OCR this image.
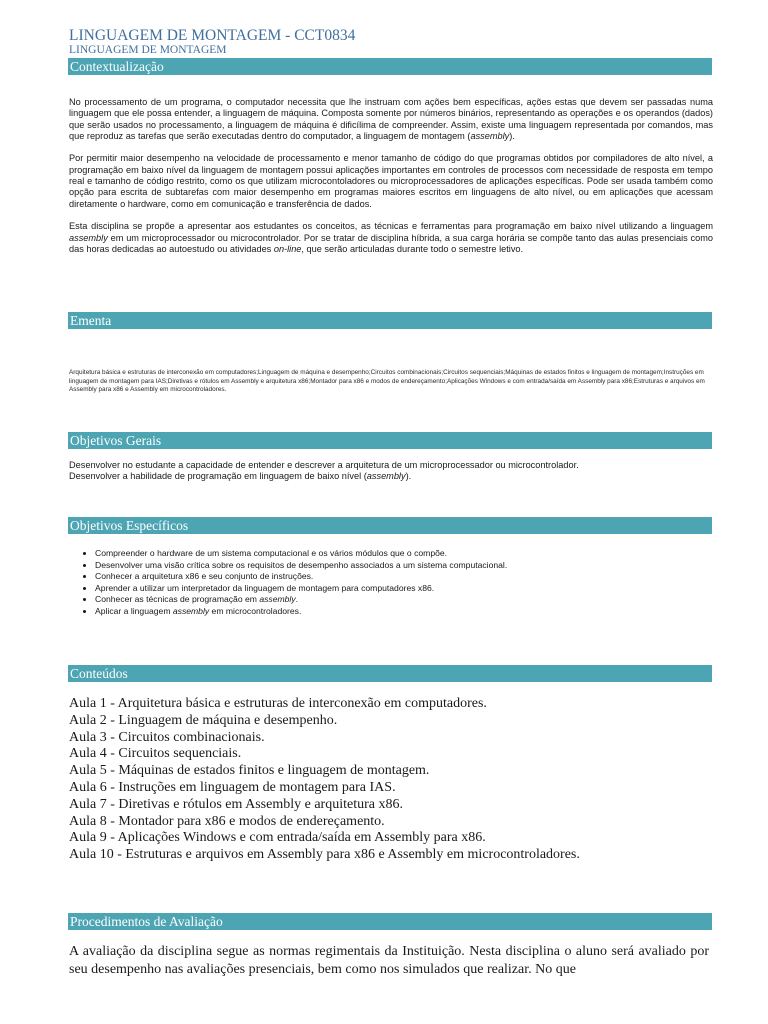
LINGUAGEM DE MONTAGEM - CCT0834
LINGUAGEM DE MONTAGEM
Contextualização

No processamento de um programa, o computador necessita que lhe instruam com ações bem específicas, ações estas que devem ser passadas numa linguagem que ele possa entender, a linguagem de máquina. Composta somente por números binários, representando as operações e os operandos (dados) que serão usados no processamento, a linguagem de máquina é dificílima de compreender. Assim, existe uma linguagem representada por comandos, mas que reproduz as tarefas que serão executadas dentro do computador, a linguagem de montagem (assembly).

Por permitir maior desempenho na velocidade de processamento e menor tamanho de código do que programas obtidos por compiladores de alto nível, a programação em baixo nível da linguagem de montagem possui aplicações importantes em controles de processos com necessidade de resposta em tempo real e tamanho de código restrito, como os que utilizam microcontoladores ou microprocessadores de aplicações específicas. Pode ser usada também como opção para escrita de subtarefas com maior desempenho em programas maiores escritos em linguagens de alto nível, ou em aplicações que acessam diretamente o hardware, como em comunicação e transferência de dados.

Esta disciplina se propõe a apresentar aos estudantes os conceitos, as técnicas e ferramentas para programação em baixo nível utilizando a linguagem assembly em um microprocessador ou microcontrolador. Por se tratar de disciplina híbrida, a sua carga horária se compõe tanto das aulas presenciais como das horas dedicadas ao autoestudo ou atividades on-line, que serão articuladas durante todo o semestre letivo.

Ementa
Arquitetura básica e estruturas de interconexão em computadores;Linguagem de máquina e desempenho;Circuitos combinacionais;Circuitos sequenciais;Máquinas de estados finitos e linguagem de montagem;Instruções em linguagem de montagem para IAS;Diretivas e rótulos em Assembly e arquitetura x86;Montador para x86 e modos de endereçamento;Aplicações Windows e com entrada/saída em Assembly para x86;Estruturas e arquivos em Assembly para x86 e Assembly em microcontroladores.
Objetivos Gerais
Desenvolver no estudante a capacidade de entender e descrever a arquitetura de um microprocessador ou microcontrolador.
Desenvolver a habilidade de programação em linguagem de baixo nível (assembly).
Objetivos Específicos
• Compreender o hardware de um sistema computacional e os vários módulos que o compõe.
• Desenvolver uma visão crítica sobre os requisitos de desempenho associados a um sistema computacional.
• Conhecer a arquitetura x86 e seu conjunto de instruções.
• Aprender a utilizar um interpretador da linguagem de montagem para computadores x86.
• Conhecer as técnicas de programação em assembly.
• Aplicar a linguagem assembly em microcontroladores.
Conteúdos
Aula 1 - Arquitetura básica e estruturas de interconexão em computadores.
Aula 2 - Linguagem de máquina e desempenho.
Aula 3 - Circuitos combinacionais.
Aula 4 - Circuitos sequenciais.
Aula 5 - Máquinas de estados finitos e linguagem de montagem.
Aula 6 - Instruções em linguagem de montagem para IAS.
Aula 7 - Diretivas e rótulos em Assembly e arquitetura x86.
Aula 8 - Montador para x86 e modos de endereçamento.
Aula 9 - Aplicações Windows e com entrada/saída em Assembly para x86.
Aula 10 - Estruturas e arquivos em Assembly para x86 e Assembly em microcontroladores.
Procedimentos de Avaliação
A avaliação da disciplina segue as normas regimentais da Instituição. Nesta disciplina o aluno será avaliado por seu desempenho nas avaliações presenciais, bem como nos simulados que realizar. No que
